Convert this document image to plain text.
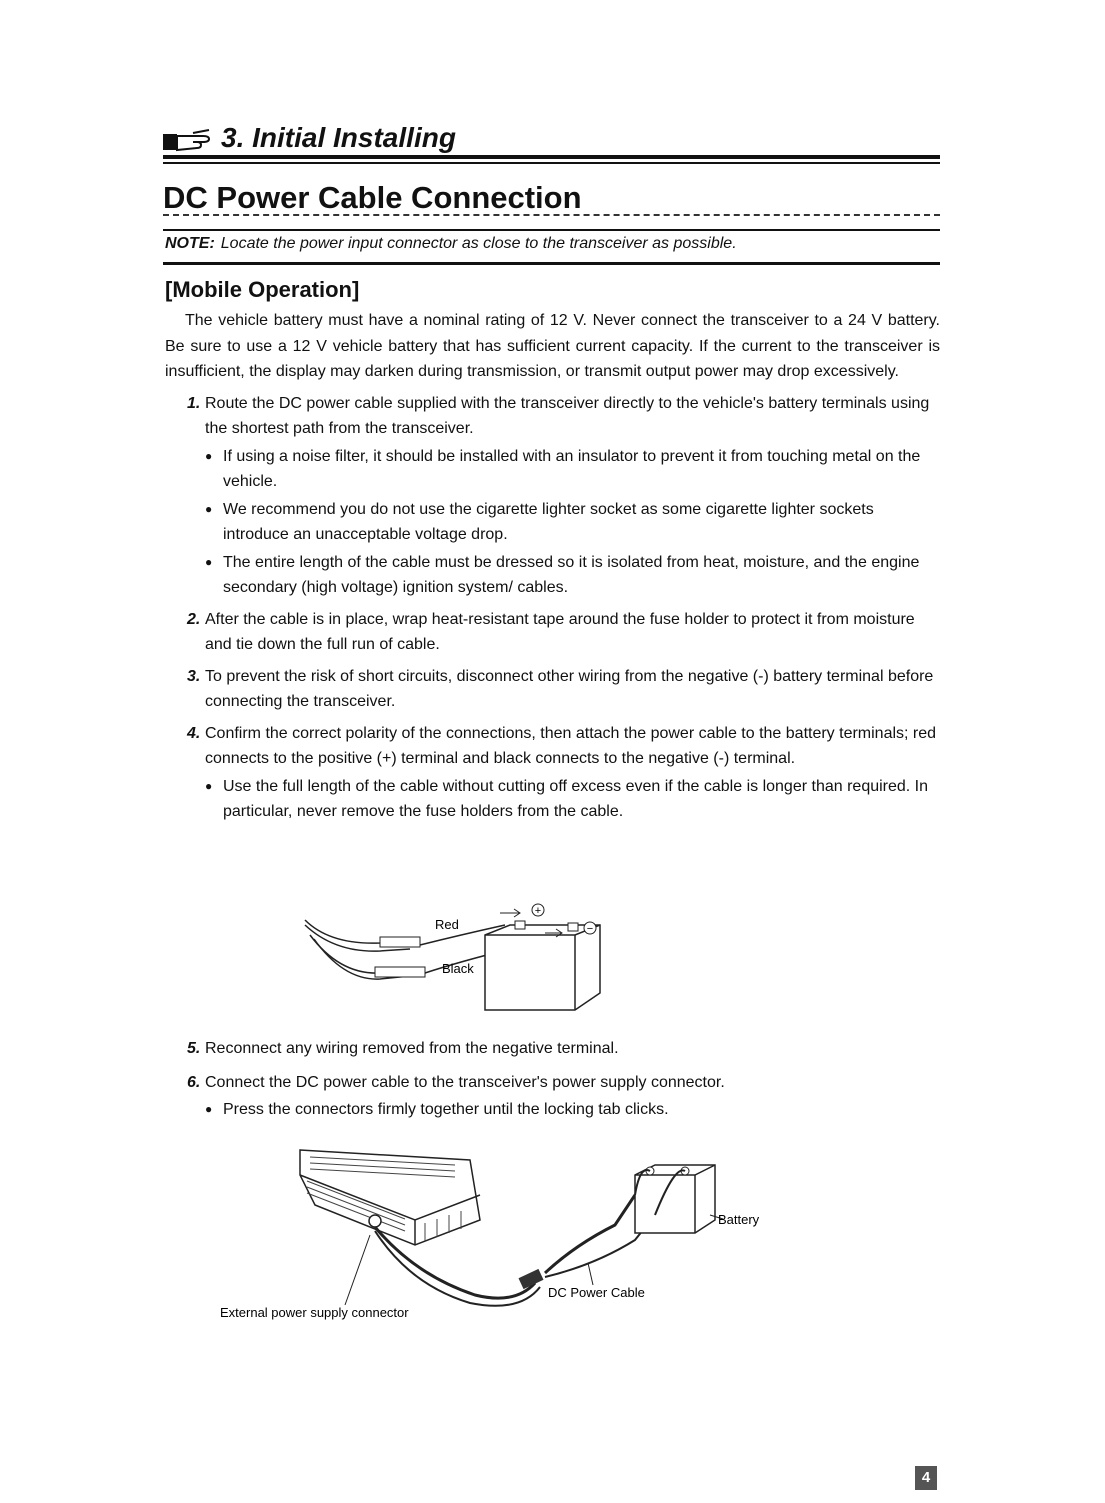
3. Initial Installing
DC Power Cable Connection
NOTE: Locate the power input connector as close to the transceiver as possible.
[Mobile Operation]

The vehicle battery must have a nominal rating of 12 V. Never connect the transceiver to a 24 V battery. Be sure to use a 12 V vehicle battery that has sufficient current capacity. If the current to the transceiver is insufficient, the display may darken during transmission, or transmit output power may drop excessively.

1. Route the DC power cable supplied with the transceiver directly to the vehicle's battery terminals using the shortest path from the transceiver.
● If using a noise filter, it should be installed with an insulator to prevent it from touching metal on the vehicle.
● We recommend you do not use the cigarette lighter socket as some cigarette lighter sockets introduce an unacceptable voltage drop.
● The entire length of the cable must be dressed so it is isolated from heat, moisture, and the engine secondary (high voltage) ignition system/ cables.
2. After the cable is in place, wrap heat-resistant tape around the fuse holder to protect it from moisture and tie down the full run of cable.
3. To prevent the risk of short circuits, disconnect other wiring from the negative (-) battery terminal before connecting the transceiver.
4. Confirm the correct polarity of the connections, then attach the power cable to the battery terminals; red connects to the positive (+) terminal and black connects to the negative (-) terminal.
● Use the full length of the cable without cutting off excess even if the cable is longer than required. In particular, never remove the fuse holders from the cable.
+
−
Red
Black
5. Reconnect any wiring removed from the negative terminal.
6. Connect the DC power cable to the transceiver's power supply connector.
● Press the connectors firmly together until the locking tab clicks.
Battery
DC Power Cable
External power supply connector
4
